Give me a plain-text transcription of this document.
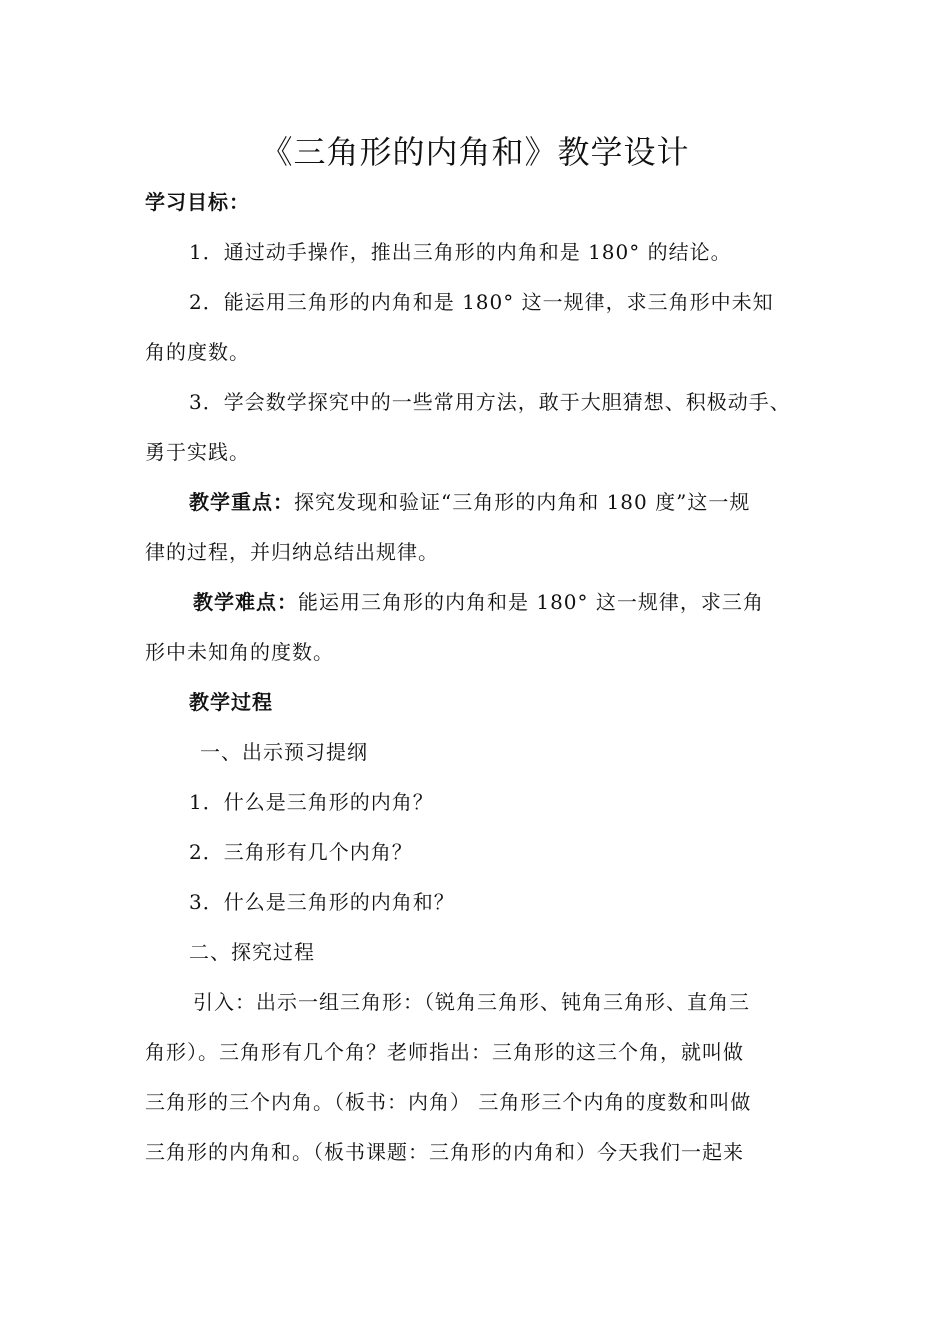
《三角形的内角和》教学设计
学习目标：
1．通过动手操作，推出三角形的内角和是 180° 的结论。
2．能运用三角形的内角和是 180° 这一规律，求三角形中未知
角的度数。
3．学会数学探究中的一些常用方法，敢于大胆猜想、积极动手、
勇于实践。
教学重点：探究发现和验证“三角形的内角和 180 度”这一规
律的过程，并归纳总结出规律。
教学难点：能运用三角形的内角和是 180° 这一规律，求三角
形中未知角的度数。
教学过程
一、出示预习提纲
1．什么是三角形的内角？
2．三角形有几个内角？
3．什么是三角形的内角和？
二、探究过程
引入：出示一组三角形：（锐角三角形、钝角三角形、直角三
角形）。三角形有几个角？老师指出：三角形的这三个角，就叫做
三角形的三个内角。（板书：内角） 三角形三个内角的度数和叫做
三角形的内角和。（板书课题：三角形的内角和）今天我们一起来
